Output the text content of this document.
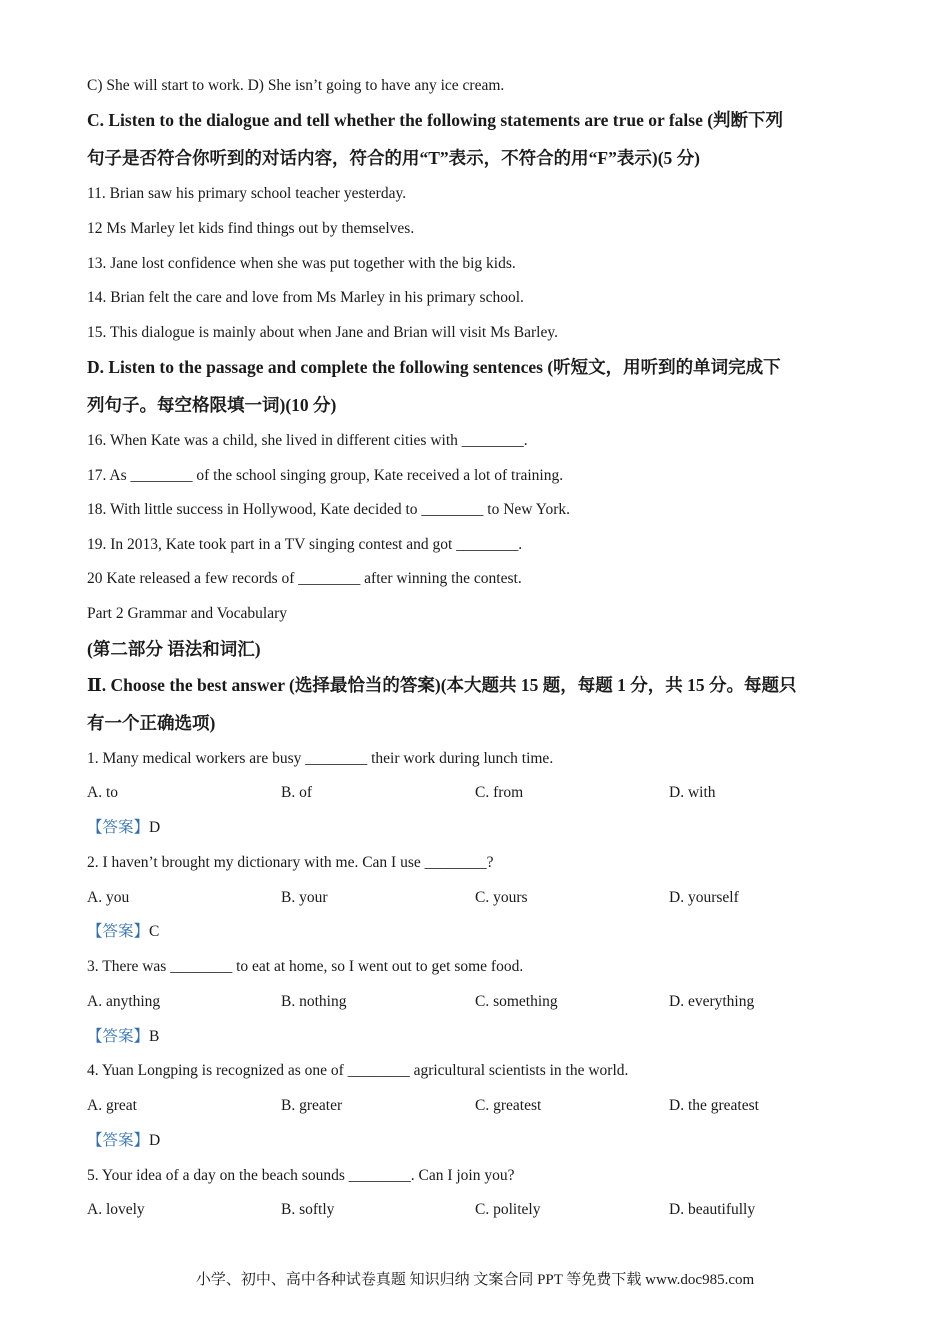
C) She will start to work. D) She isn’t going to have any ice cream.
C. Listen to the dialogue and tell whether the following statements are true or false (判断下列
句子是否符合你听到的对话内容，符合的用“T”表示，不符合的用“F”表示)(5 分)
11. Brian saw his primary school teacher yesterday.
12 Ms Marley let kids find things out by themselves.
13. Jane lost confidence when she was put together with the big kids.
14. Brian felt the care and love from Ms Marley in his primary school.
15. This dialogue is mainly about when Jane and Brian will visit Ms Barley.
D. Listen to the passage and complete the following sentences (听短文，用听到的单词完成下
列句子。每空格限填一词)(10 分)
16. When Kate was a child, she lived in different cities with ________.
17. As ________ of the school singing group, Kate received a lot of training.
18. With little success in Hollywood, Kate decided to ________ to New York.
19. In 2013, Kate took part in a TV singing contest and got ________.
20 Kate released a few records of ________ after winning the contest.
Part 2 Grammar and Vocabulary
(第二部分 语法和词汇)
Ⅱ. Choose the best answer (选择最恰当的答案)(本大题共 15 题，每题 1 分，共 15 分。每题只
有一个正确选项)
1. Many medical workers are busy ________ their work during lunch time.
A. to	B. of	C. from	D. with
【答案】D
2. I haven’t brought my dictionary with me. Can I use ________?
A. you	B. your	C. yours	D. yourself
【答案】C
3. There was ________ to eat at home, so I went out to get some food.
A. anything	B. nothing	C. something	D. everything
【答案】B
4. Yuan Longping is recognized as one of ________ agricultural scientists in the world.
A. great	B. greater	C. greatest	D. the greatest
【答案】D
5. Your idea of a day on the beach sounds ________. Can I join you?
A. lovely	B. softly	C. politely	D. beautifully
小学、初中、高中各种试卷真题 知识归纳 文案合同 PPT 等免费下载 www.doc985.com
